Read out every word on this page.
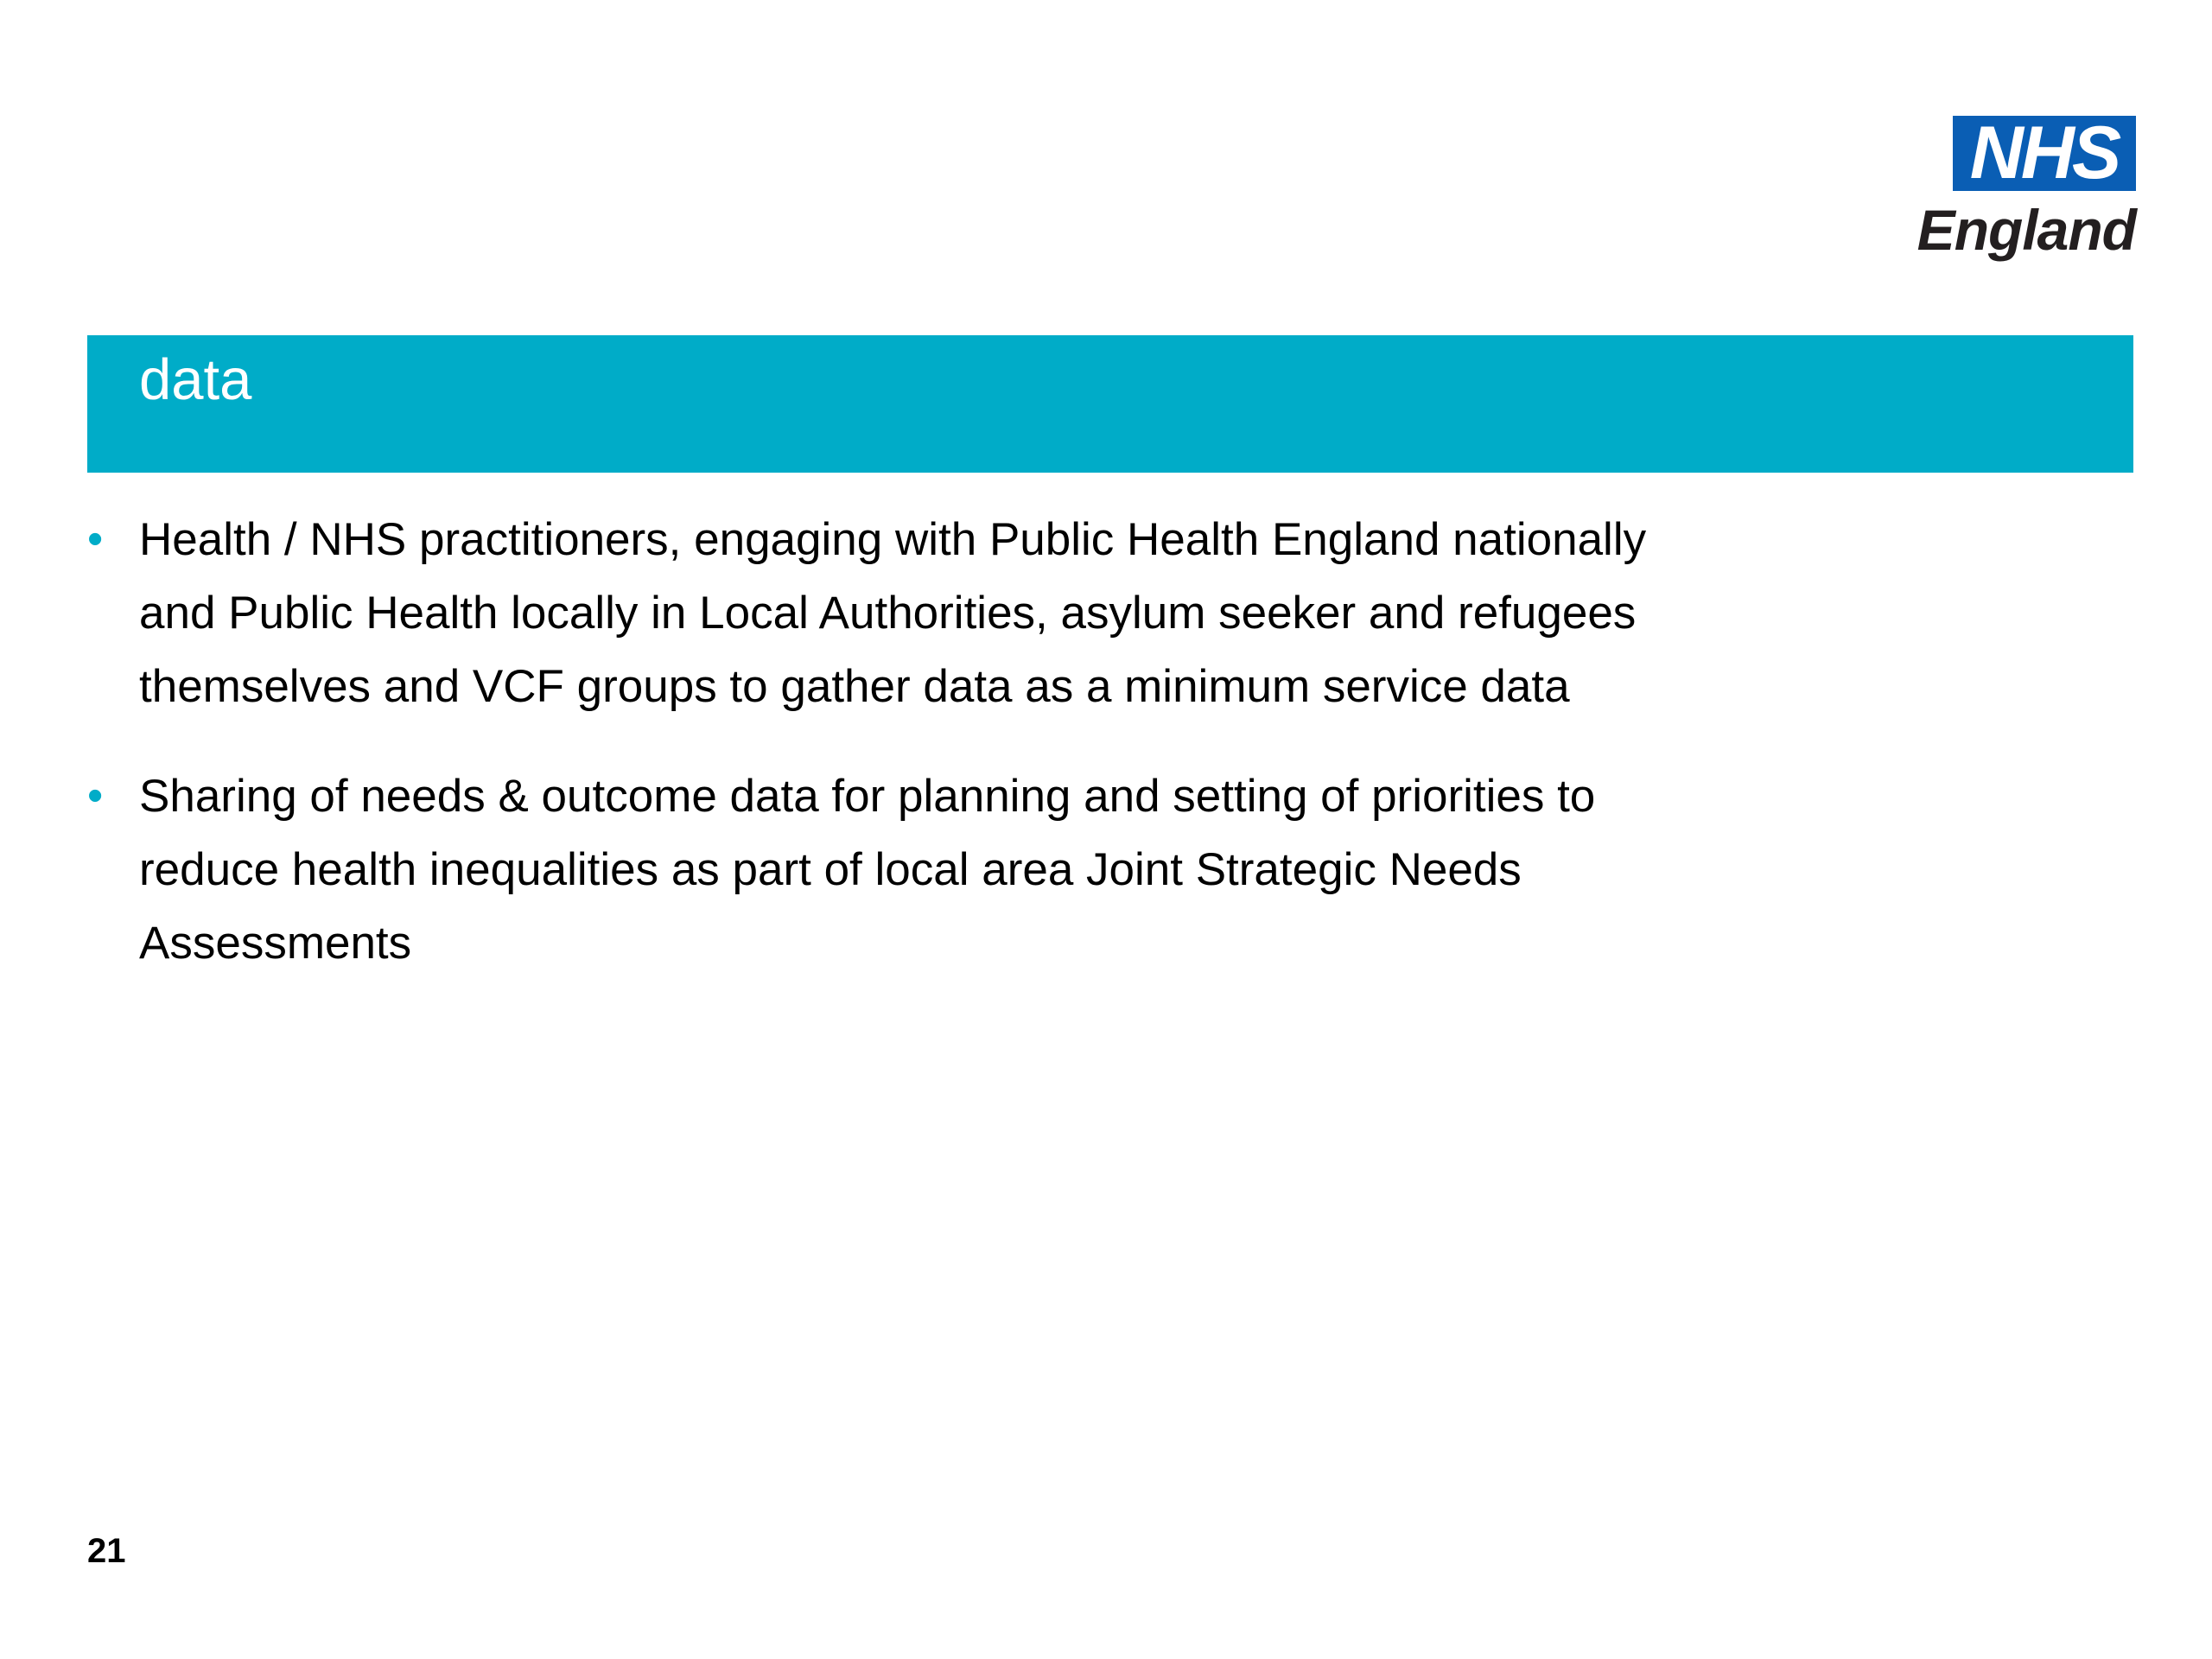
NHS
England
data
• Health / NHS practitioners, engaging with Public Health England nationally
and Public Health locally in Local Authorities, asylum seeker and refugees
themselves and VCF groups to gather data as a minimum service data
• Sharing of needs & outcome data for planning and setting of priorities to
reduce health inequalities as part of local area Joint Strategic Needs
Assessments
21
